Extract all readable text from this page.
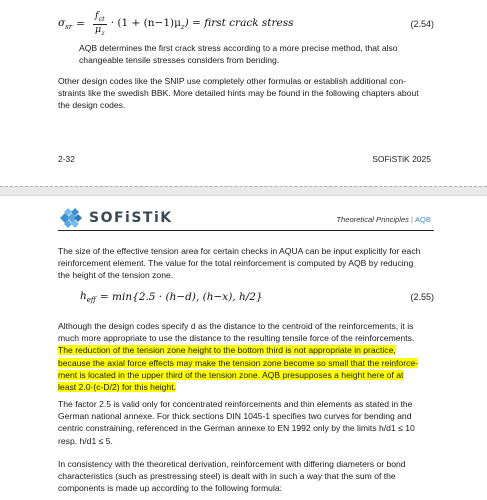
$\sigma_{sr} = \frac{f_{ct}}{\mu_z} \cdot (1 + (n-1)\mu_z)$ = first crack stress	(2.54)

AQB determines the first crack stress according to a more precise method, that also
changeable tensile stresses considers from bending.

Other design codes like the SNIP use completely other formulas or establish additional con-
straints like the swedish BBK. More detailed hints may be found in the following chapters about
the design codes.

2-32	SOFiSTiK 2025
SOFiSTiK	Theoretical Principles | AQB

The size of the effective tension area for certain checks in AQUA can be input explicitly for each
reinforcement element. The value for the total reinforcement is computed by AQB by reducing
the height of the tension zone.

$h_{eff} = \min\{2.5 \cdot (h-d)$, (h−x), h/2}	(2.55)

Although the design codes specify d as the distance to the centroid of the reinforcements, it is
much more appropriate to use the distance to the resulting tensile force of the reinforcements.
The reduction of the tension zone height to the bottom third is not appropriate in practice,
because the axial force effects may make the tension zone become so small that the reinforce-
ment is located in the upper third of the tension zone. AQB presupposes a height here of at
least 2.0·(c-D/2) for this height.

The factor 2.5 is valid only for concentrated reinforcements and thin elements as stated in the
German national annexe. For thick sections DIN 1045-1 specifies two curves for bending and
centric constraining, referenced in the German annexe to EN 1992 only by the limits h/d1 ≤ 10
resp. h/d1 ≤ 5.

In consistency with the theoretical derivation, reinforcement with differing diameters or bond
characteristics (such as prestressing steel) is dealt with in such a way that the sum of the
components is made up according to the following formula:
